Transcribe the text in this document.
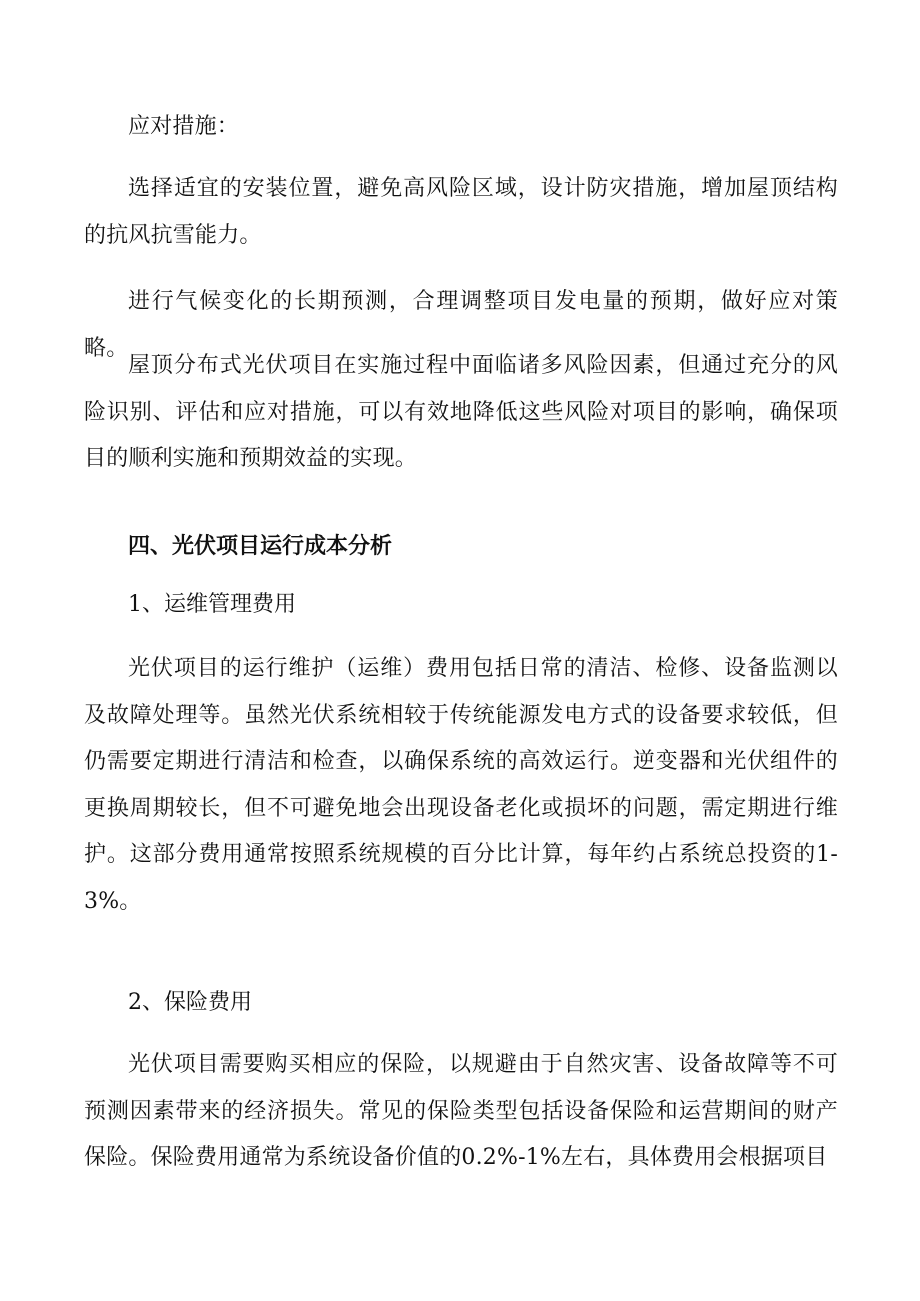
应对措施：

选择适宜的安装位置，避免高风险区域，设计防灾措施，增加屋顶结构的抗风抗雪能力。

进行气候变化的长期预测，合理调整项目发电量的预期，做好应对策略。

屋顶分布式光伏项目在实施过程中面临诸多风险因素，但通过充分的风险识别、评估和应对措施，可以有效地降低这些风险对项目的影响，确保项目的顺利实施和预期效益的实现。

四、光伏项目运行成本分析

1、运维管理费用

光伏项目的运行维护（运维）费用包括日常的清洁、检修、设备监测以及故障处理等。虽然光伏系统相较于传统能源发电方式的设备要求较低，但仍需要定期进行清洁和检查，以确保系统的高效运行。逆变器和光伏组件的更换周期较长，但不可避免地会出现设备老化或损坏的问题，需定期进行维护。这部分费用通常按照系统规模的百分比计算，每年约占系统总投资的1-3%。

2、保险费用

光伏项目需要购买相应的保险，以规避由于自然灾害、设备故障等不可预测因素带来的经济损失。常见的保险类型包括设备保险和运营期间的财产保险。保险费用通常为系统设备价值的0.2%-1%左右，具体费用会根据项目
